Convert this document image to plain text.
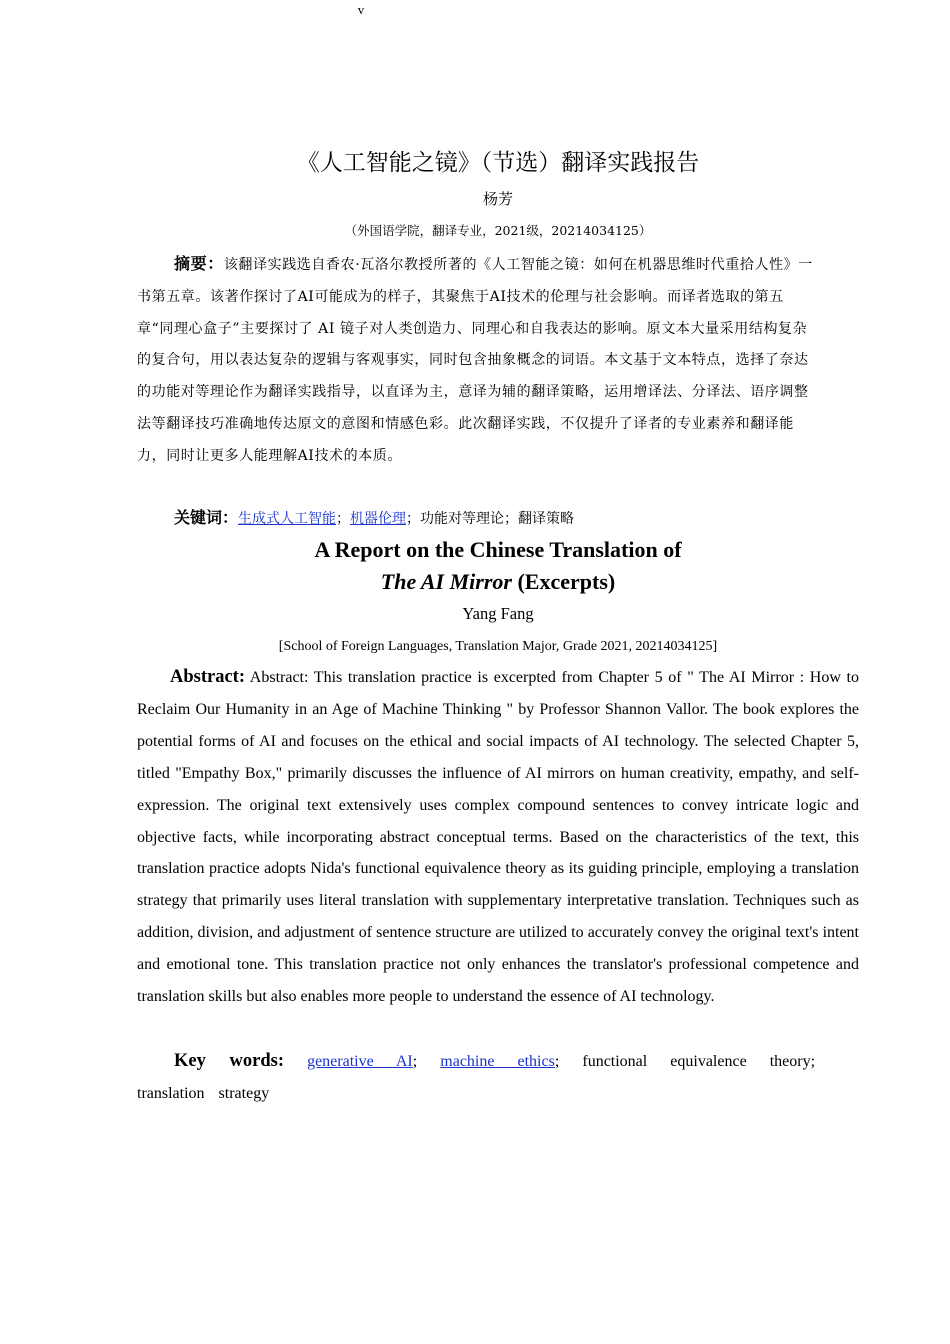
《人工智能之镜》（节选）翻译实践报告
杨芳
（外国语学院，翻译专业，2021级，20214034125）
摘要：该翻译实践选自香农·瓦洛尔教授所著的《人工智能之镜：如何在机器思维时代重拾人性》一书第五章。该著作探讨了AI可能成为的样子，其聚焦于AI技术的伦理与社会影响。而译者选取的第五章“同理心盒子”主要探讨了 AI 镜子对人类创造力、同理心和自我表达的影响。原文本大量采用结构复杂的复合句，用以表达复杂的逻辑与客观事实，同时包含抽象概念的词语。本文基于文本特点，选择了奈达的功能对等理论作为翻译实践指导，以直译为主，意译为辅的翻译策略，运用增译法、分译法、语序调整法等翻译技巧准确地传达原文的意图和情感色彩。此次翻译实践，不仅提升了译者的专业素养和翻译能力，同时让更多人能理解AI技术的本质。
关键词：生成式人工智能；机器伦理；功能对等理论；翻译策略
A Report on the Chinese Translation of
The AI Mirror (Excerpts)
Yang Fang
[School of Foreign Languages, Translation Major, Grade 2021, 20214034125]
Abstract: Abstract: This translation practice is excerpted from Chapter 5 of " The AI Mirror : How to Reclaim Our Humanity in an Age of Machine Thinking " by Professor Shannon Vallor. The book explores the potential forms of AI and focuses on the ethical and social impacts of AI technology. The selected Chapter 5, titled "Empathy Box," primarily discusses the influence of AI mirrors on human creativity, empathy, and self-expression. The original text extensively uses complex compound sentences to convey intricate logic and objective facts, while incorporating abstract conceptual terms. Based on the characteristics of the text, this translation practice adopts Nida's functional equivalence theory as its guiding principle, employing a translation strategy that primarily uses literal translation with supplementary interpretative translation. Techniques such as addition, division, and adjustment of sentence structure are utilized to accurately convey the original text's intent and emotional tone. This translation practice not only enhances the translator's professional competence and translation skills but also enables more people to understand the essence of AI technology.
Key words: generative AI; machine ethics; functional equivalence theory; translation strategy
v
